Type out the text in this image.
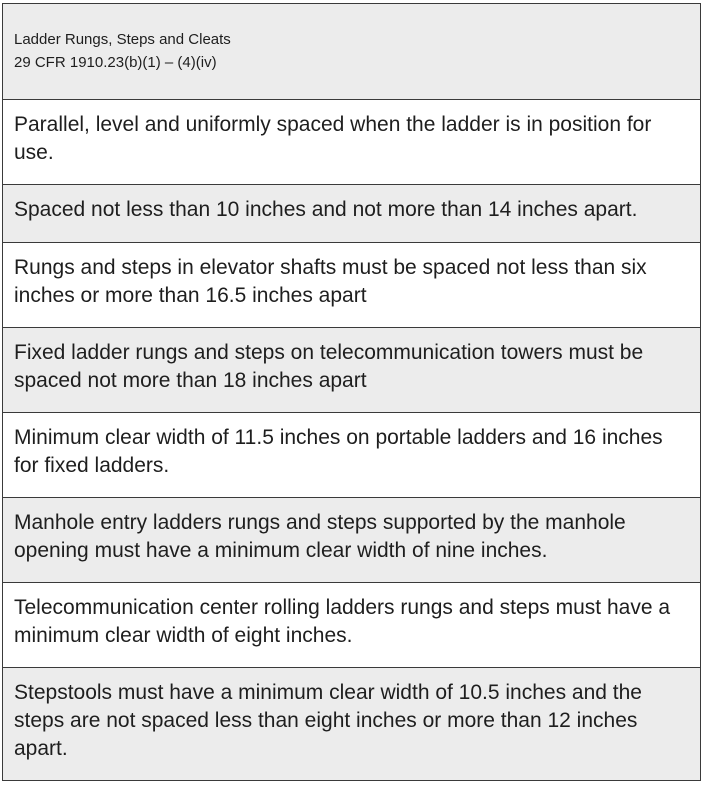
Ladder Rungs, Steps and Cleats
29 CFR 1910.23(b)(1) – (4)(iv)
Parallel, level and uniformly spaced when the ladder is in position for use.
Spaced not less than 10 inches and not more than 14 inches apart.
Rungs and steps in elevator shafts must be spaced not less than six inches or more than 16.5 inches apart
Fixed ladder rungs and steps on telecommunication towers must be spaced not more than 18 inches apart
Minimum clear width of 11.5 inches on portable ladders and 16 inches for fixed ladders.
Manhole entry ladders rungs and steps supported by the manhole opening must have a minimum clear width of nine inches.
Telecommunication center rolling ladders rungs and steps must have a minimum clear width of eight inches.
Stepstools must have a minimum clear width of 10.5 inches and the steps are not spaced less than eight inches or more than 12 inches apart.
